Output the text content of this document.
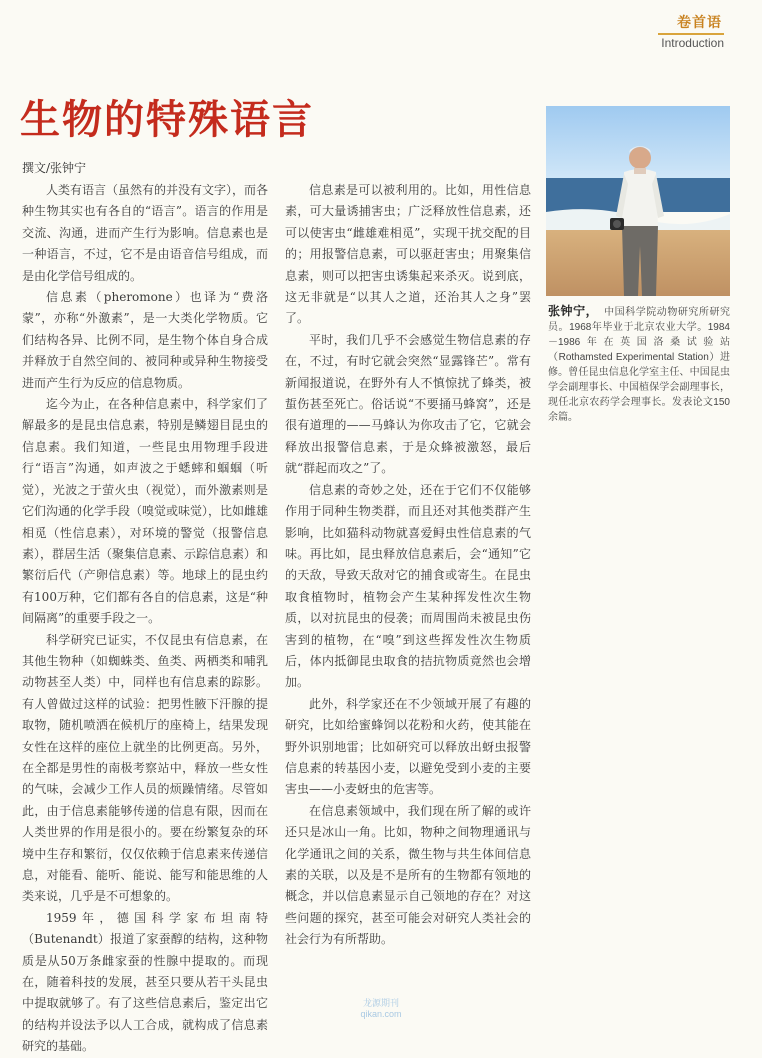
卷首语
Introduction
生物的特殊语言
撰文/张钟宁

人类有语言（虽然有的并没有文字），而各种生物其实也有各自的“语言”。语言的作用是交流、沟通，进而产生行为影响。信息素也是一种语言，不过，它不是由语音信号组成，而是由化学信号组成的。

信息素（pheromone）也译为“费洛蒙”，亦称“外激素”，是一大类化学物质。它们结构各异、比例不同，是生物个体自身合成并释放于自然空间的、被同种或异种生物接受进而产生行为反应的信息物质。

迄今为止，在各种信息素中，科学家们了解最多的是昆虫信息素，特别是鳞翅目昆虫的信息素。我们知道，一些昆虫用物理手段进行“语言”沟通，如声波之于蟋蟀和蝈蝈（听觉），光波之于萤火虫（视觉），而外激素则是它们沟通的化学手段（嗅觉或味觉），比如雌雄相觅（性信息素），对环境的警觉（报警信息素），群居生活（聚集信息素、示踪信息素）和繁衍后代（产卵信息素）等。地球上的昆虫约有100万种，它们都有各自的信息素，这是“种间隔离”的重要手段之一。

科学研究已证实，不仅昆虫有信息素，在其他生物种（如蜘蛛类、鱼类、两栖类和哺乳动物甚至人类）中，同样也有信息素的踪影。有人曾做过这样的试验：把男性腋下汗腺的提取物，随机喷洒在候机厅的座椅上，结果发现女性在这样的座位上就坐的比例更高。另外，在全都是男性的南极考察站中，释放一些女性的气味，会减少工作人员的烦躁情绪。尽管如此，由于信息素能够传递的信息有限，因而在人类世界的作用是很小的。要在纷繁复杂的环境中生存和繁衍，仅仅依赖于信息素来传递信息，对能看、能听、能说、能写和能思维的人类来说，几乎是不可想象的。

1959年，德国科学家布坦南特（Butenandt）报道了家蚕醇的结构，这种物质是从50万条雌家蚕的性腺中提取的。而现在，随着科技的发展，甚至只要从若干头昆虫中提取就够了。有了这些信息素后，鉴定出它的结构并设法予以人工合成，就构成了信息素研究的基础。

信息素是可以被利用的。比如，用性信息素，可大量诱捕害虫；广泛释放性信息素，还可以使害虫“雌雄难相觅”，实现干扰交配的目的；用报警信息素，可以驱赶害虫；用聚集信息素，则可以把害虫诱集起来杀灭。说到底，这无非就是“以其人之道，还治其人之身”罢了。

平时，我们几乎不会感觉生物信息素的存在，不过，有时它就会突然“显露锋芒”。常有新闻报道说，在野外有人不慎惊扰了蜂类，被蜇伤甚至死亡。俗话说“不要捅马蜂窝”，还是很有道理的——马蜂认为你攻击了它，它就会释放出报警信息素，于是众蜂被激怒，最后就“群起而攻之”了。

信息素的奇妙之处，还在于它们不仅能够作用于同种生物类群，而且还对其他类群产生影响，比如猫科动物就喜爱鲟虫性信息素的气味。再比如，昆虫释放信息素后，会“通知”它的天敌，导致天敌对它的捕食或寄生。在昆虫取食植物时，植物会产生某种挥发性次生物质，以对抗昆虫的侵袭；而周围尚未被昆虫伤害到的植物，在“嗅”到这些挥发性次生物质后，体内抵御昆虫取食的拮抗物质竟然也会增加。

此外，科学家还在不少领域开展了有趣的研究，比如给蜜蜂饲以花粉和火药，使其能在野外识别地雷；比如研究可以释放出蚜虫报警信息素的转基因小麦，以避免受到小麦的主要害虫——小麦蚜虫的危害等。

在信息素领域中，我们现在所了解的或许还只是冰山一角。比如，物种之间物理通讯与化学通讯之间的关系，微生物与共生体间信息素的关联，以及是不是所有的生物都有领地的概念，并以信息素显示自己领地的存在？对这些问题的探究，甚至可能会对研究人类社会的社会行为有所帮助。

张钟宁， 中国科学院动物研究所研究员。1968年毕业于北京农业大学。1984－1986年在英国洛桑试验站（Rothamsted Experimental Station）进修。曾任昆虫信息化学室主任、中国昆虫学会副理事长、中国植保学会副理事长，现任北京农药学会理事长。发表论文150余篇。
龙源期刊
qikan.com
